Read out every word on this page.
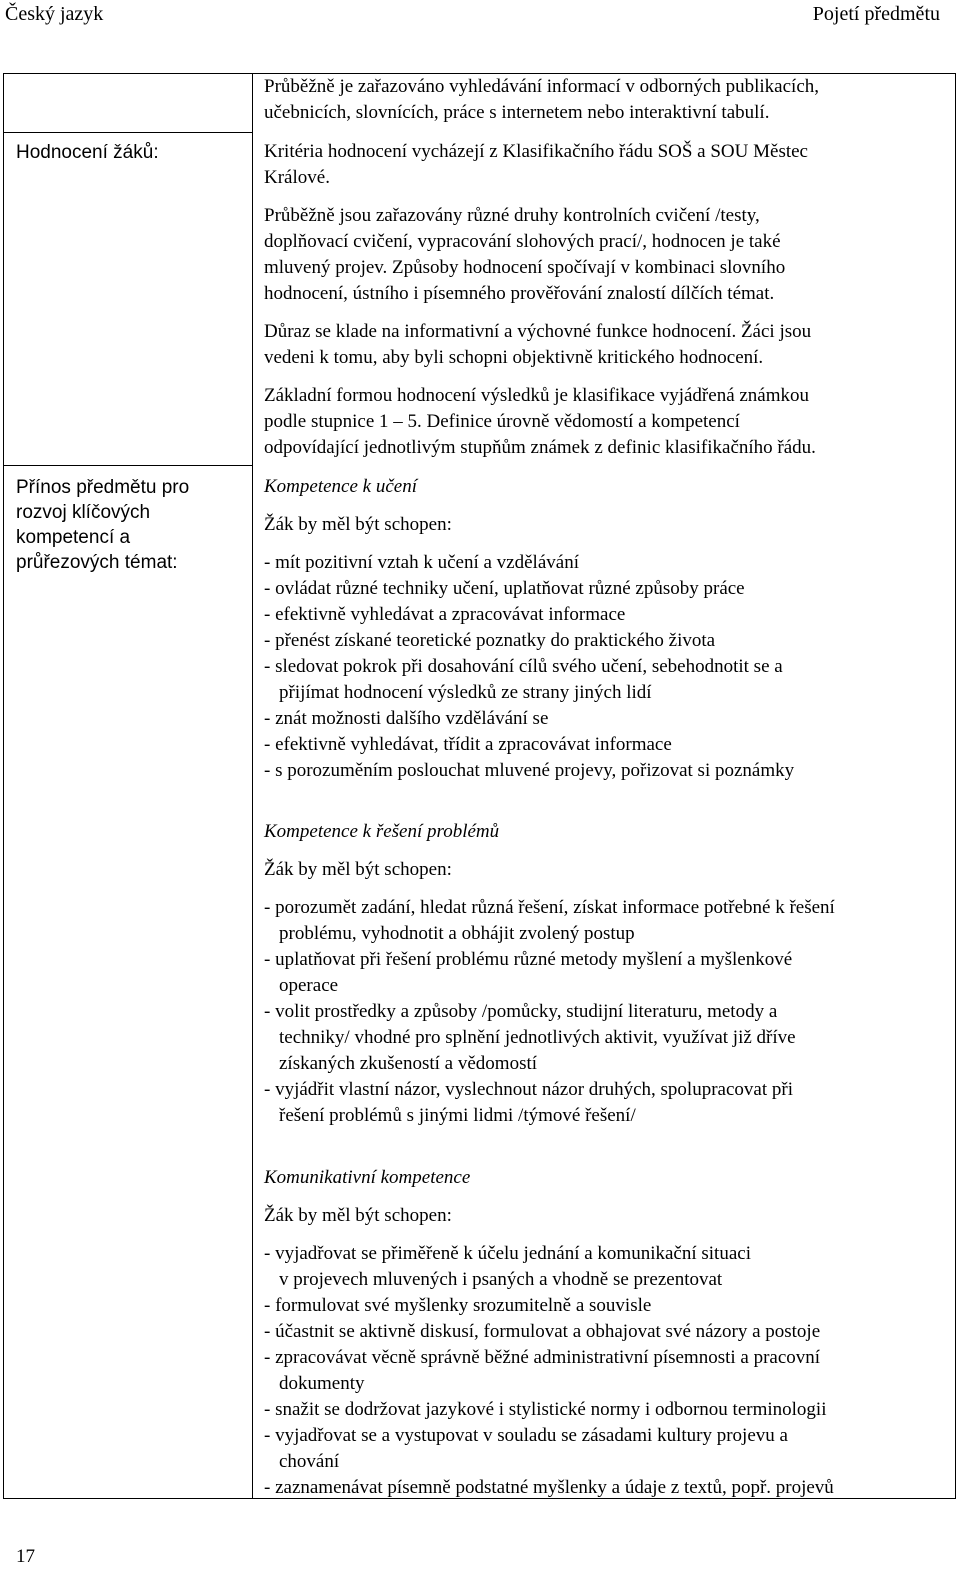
Český jazyk	Pojetí předmětu
Hodnocení žáků:
Přínos předmětu pro
rozvoj klíčových
kompetencí a
průřezových témat:

Průběžně je zařazováno vyhledávání informací v odborných publikacích,

učebnicích, slovnících, práce s internetem nebo interaktivní tabulí.

Kritéria hodnocení vycházejí z Klasifikačního řádu SOŠ a SOU Městec

Králové.

Průběžně jsou zařazovány různé druhy kontrolních cvičení /testy,

doplňovací cvičení, vypracování slohových prací/, hodnocen je také

mluvený projev. Způsoby hodnocení spočívají v kombinaci slovního

hodnocení, ústního i písemného prověřování znalostí dílčích témat.

Důraz se klade na informativní a výchovné funkce hodnocení. Žáci jsou

vedeni k tomu, aby byli schopni objektivně kritického hodnocení.

Základní formou hodnocení výsledků je klasifikace vyjádřená známkou

podle stupnice 1 – 5. Definice úrovně vědomostí a kompetencí

odpovídající jednotlivým stupňům známek z definic klasifikačního řádu.

Kompetence k učení

Žák by měl být schopen:

- mít pozitivní vztah k učení a vzdělávání

- ovládat různé techniky učení, uplatňovat různé způsoby práce

- efektivně vyhledávat a zpracovávat informace

- přenést získané teoretické poznatky do praktického života

- sledovat pokrok při dosahování cílů svého učení, sebehodnotit se a

přijímat hodnocení výsledků ze strany jiných lidí

- znát možnosti dalšího vzdělávání se

- efektivně vyhledávat, třídit a zpracovávat informace

- s porozuměním poslouchat mluvené projevy, pořizovat si poznámky

Kompetence k řešení problémů

Žák by měl být schopen:

- porozumět zadání, hledat různá řešení, získat informace potřebné k řešení

problému, vyhodnotit a obhájit zvolený postup

- uplatňovat při řešení problému různé metody myšlení a myšlenkové

operace

- volit prostředky a způsoby /pomůcky, studijní literaturu, metody a

techniky/ vhodné pro splnění jednotlivých aktivit, využívat již dříve

získaných zkušeností a vědomostí

- vyjádřit vlastní názor, vyslechnout názor druhých, spolupracovat při

řešení problémů s jinými lidmi /týmové řešení/

Komunikativní kompetence

Žák by měl být schopen:

- vyjadřovat se přiměřeně k účelu jednání a komunikační situaci

v projevech mluvených i psaných a vhodně se prezentovat

- formulovat své myšlenky srozumitelně a souvisle

- účastnit se aktivně diskusí, formulovat a obhajovat své názory a postoje

- zpracovávat věcně správně běžné administrativní písemnosti a pracovní

dokumenty

- snažit se dodržovat jazykové i stylistické normy i odbornou terminologii

- vyjadřovat se a vystupovat v souladu se zásadami kultury projevu a

chování

- zaznamenávat písemně podstatné myšlenky a údaje z textů, popř. projevů

17
